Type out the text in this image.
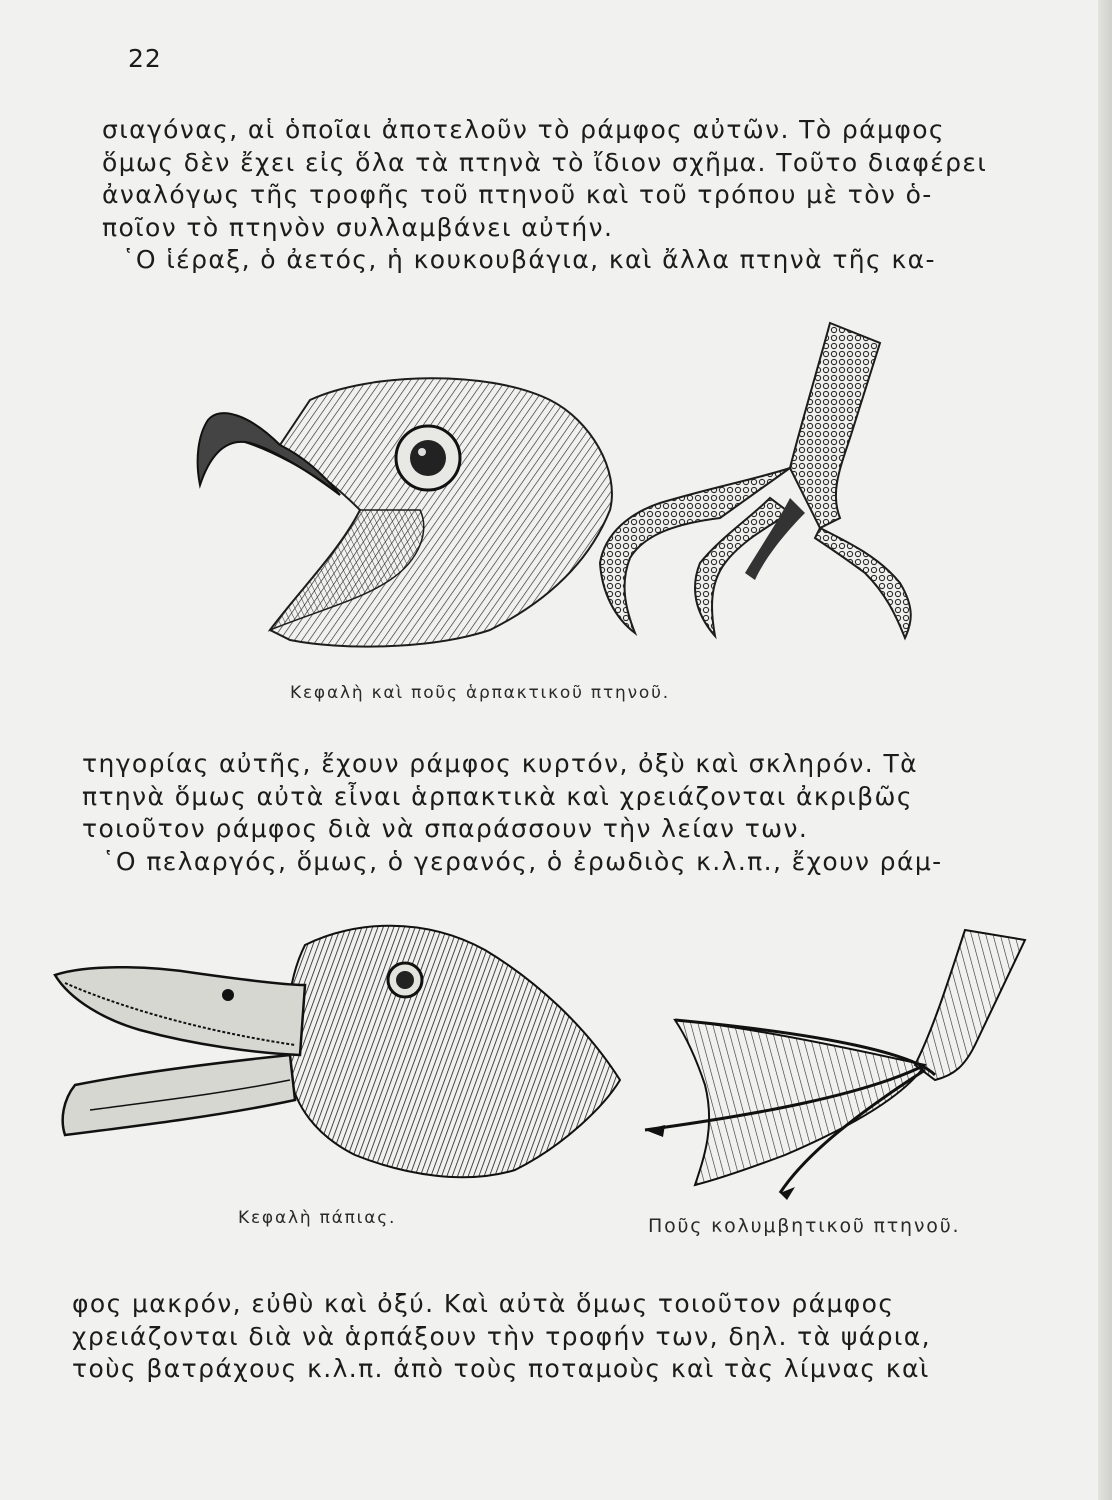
22

σιαγόνας, αἱ ὁποῖαι ἀποτελοῦν τὸ ράμφος αὐτῶν. Τὸ ράμφος

ὅμως δὲν ἔχει εἰς ὅλα τὰ πτηνὰ τὸ ἴδιον σχῆμα. Τοῦτο διαφέρει

ἀναλόγως τῆς τροφῆς τοῦ πτηνοῦ καὶ τοῦ τρόπου μὲ τὸν ὁ-

ποῖον τὸ πτηνὸν συλλαμβάνει αὐτήν.

῾Ο ἱέραξ, ὁ ἀετός, ἡ κουκουβάγια, καὶ ἄλλα πτηνὰ τῆς κα-

Κεφαλὴ καὶ ποῦς ἁρπακτικοῦ πτηνοῦ.

τηγορίας αὐτῆς, ἔχουν ράμφος κυρτόν, ὀξὺ καὶ σκληρόν. Τὰ

πτηνὰ ὅμως αὐτὰ εἶναι ἁρπακτικὰ καὶ χρειάζονται ἀκριβῶς

τοιοῦτον ράμφος διὰ νὰ σπαράσσουν τὴν λείαν των.

῾Ο πελαργός, ὅμως, ὁ γερανός, ὁ ἐρωδιὸς κ.λ.π., ἔχουν ράμ-

Κεφαλὴ πάπιας.	Ποῦς κολυμβητικοῦ πτηνοῦ.

φος μακρόν, εὐθὺ καὶ ὀξύ. Καὶ αὐτὰ ὅμως τοιοῦτον ράμφος

χρειάζονται διὰ νὰ ἁρπάξουν τὴν τροφήν των, δηλ. τὰ ψάρια,

τοὺς βατράχους κ.λ.π. ἀπὸ τοὺς ποταμοὺς καὶ τὰς λίμνας καὶ
